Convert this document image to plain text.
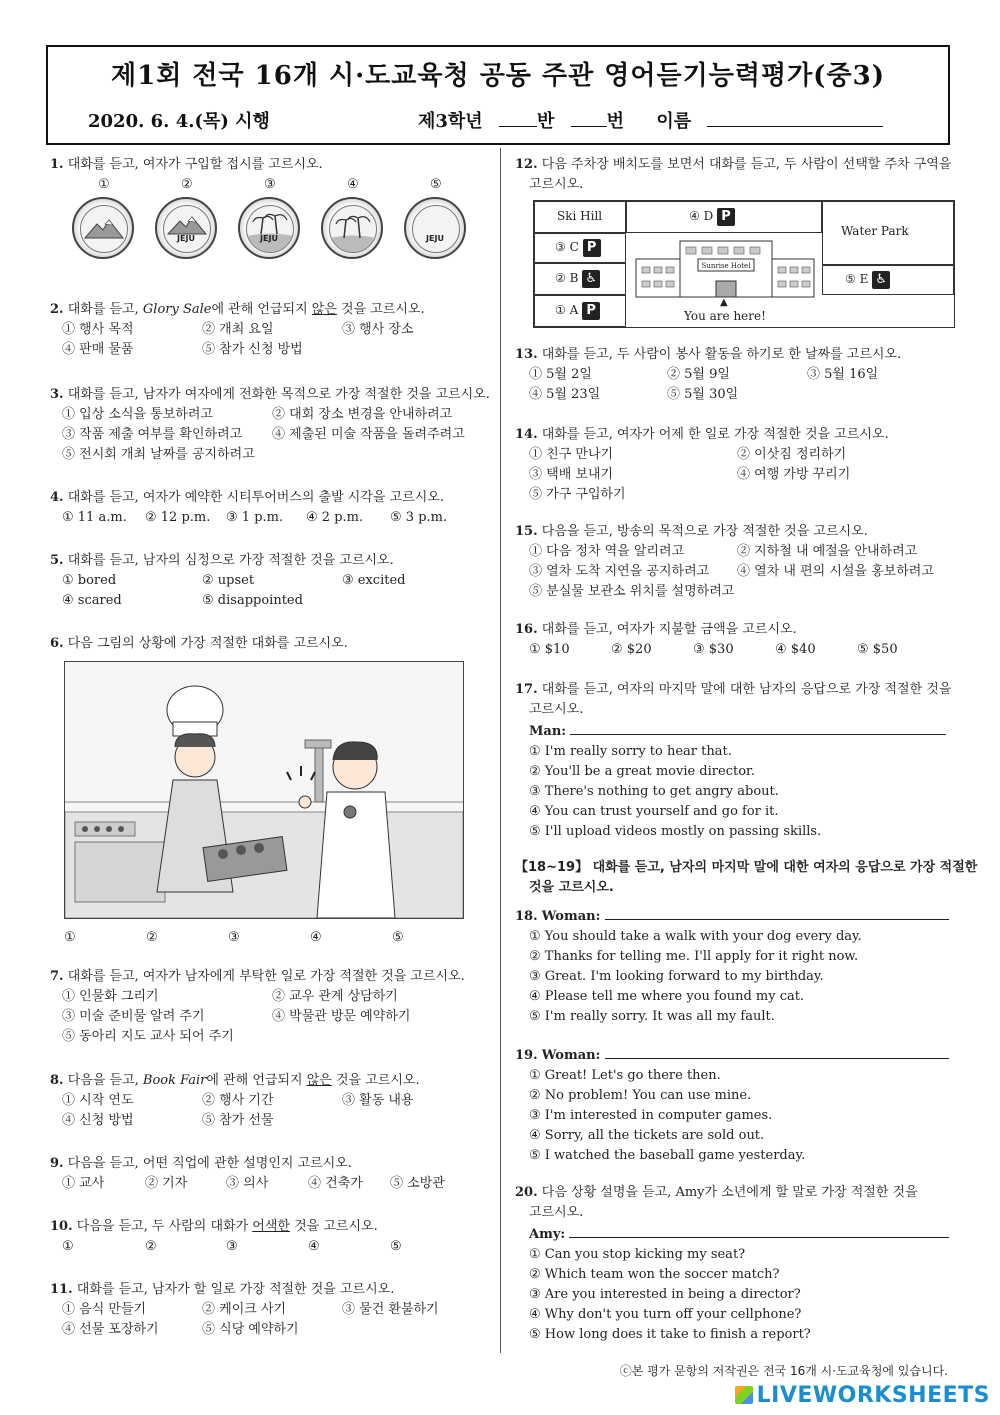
제1회 전국 16개 시·도교육청 공동 주관 영어듣기능력평가(중3)
2020. 6. 4.(목) 시행	제3학년	반	번 이름
1. 대화를 듣고, 여자가 구입할 접시를 고르시오.
①	②	③	④	⑤
JEJU	JEJU	JEJU
2. 대화를 듣고, Glory Sale에 관해 언급되지 않은 것을 고르시오.
① 행사 목적	② 개최 요일	③ 행사 장소
④ 판매 물품	⑤ 참가 신청 방법
3. 대화를 듣고, 남자가 여자에게 전화한 목적으로 가장 적절한 것을 고르시오.
① 입상 소식을 통보하려고	② 대회 장소 변경을 안내하려고
③ 작품 제출 여부를 확인하려고 ④ 제출된 미술 작품을 돌려주려고
⑤ 전시회 개최 날짜를 공지하려고
4. 대화를 듣고, 여자가 예약한 시티투어버스의 출발 시각을 고르시오.
① 11 a.m. ② 12 p.m. ③ 1 p.m. ④ 2 p.m. ⑤ 3 p.m.
5. 대화를 듣고, 남자의 심정으로 가장 적절한 것을 고르시오.
① bored	② upset	③ excited
④ scared	⑤ disappointed
6. 다음 그림의 상황에 가장 적절한 대화를 고르시오.
①	②	③	④	⑤
7. 대화를 듣고, 여자가 남자에게 부탁한 일로 가장 적절한 것을 고르시오.
① 인물화 그리기	② 교우 관계 상담하기
③ 미술 준비물 알려 주기	④ 박물관 방문 예약하기
⑤ 동아리 지도 교사 되어 주기
8. 다음을 듣고, Book Fair에 관해 언급되지 않은 것을 고르시오.
① 시작 연도	② 행사 기간	③ 활동 내용
④ 신청 방법	⑤ 참가 선물
9. 다음을 듣고, 어떤 직업에 관한 설명인지 고르시오.
① 교사	② 기자	③ 의사	④ 건축가 ⑤ 소방관
10. 다음을 듣고, 두 사람의 대화가 어색한 것을 고르시오.
①	②	③	④	⑤
11. 대화를 듣고, 남자가 할 일로 가장 적절한 것을 고르시오.
① 음식 만들기	② 케이크 사기	③ 물건 환불하기
④ 선물 포장하기	⑤ 식당 예약하기
12. 다음 주차장 배치도를 보면서 대화를 듣고, 두 사람이 선택할 주차 구역을
고르시오.
Ski Hill	④ D P
Water Park
③ C P
② B ♿
① A P
⑤ E ♿
Sunrise Hotel
▲
You are here!
13. 대화를 듣고, 두 사람이 봉사 활동을 하기로 한 날짜를 고르시오.
① 5월 2일	② 5월 9일	③ 5월 16일
④ 5월 23일	⑤ 5월 30일
14. 대화를 듣고, 여자가 어제 한 일로 가장 적절한 것을 고르시오.
① 친구 만나기	② 이삿짐 정리하기
③ 택배 보내기	④ 여행 가방 꾸리기
⑤ 가구 구입하기
15. 다음을 듣고, 방송의 목적으로 가장 적절한 것을 고르시오.
① 다음 정차 역을 알리려고	② 지하철 내 예절을 안내하려고
③ 열차 도착 지연을 공지하려고 ④ 열차 내 편의 시설을 홍보하려고
⑤ 분실물 보관소 위치를 설명하려고
16. 대화를 듣고, 여자가 지불할 금액을 고르시오.
① $10	② $20	③ $30	④ $40	⑤ $50
17. 대화를 듣고, 여자의 마지막 말에 대한 남자의 응답으로 가장 적절한 것을
고르시오.
Man:
① I'm really sorry to hear that.
② You'll be a great movie director.
③ There's nothing to get angry about.
④ You can trust yourself and go for it.
⑤ I'll upload videos mostly on passing skills.
【18~19】 대화를 듣고, 남자의 마지막 말에 대한 여자의 응답으로 가장 적절한
것을 고르시오.
18. Woman:
① You should take a walk with your dog every day.
② Thanks for telling me. I'll apply for it right now.
③ Great. I'm looking forward to my birthday.
④ Please tell me where you found my cat.
⑤ I'm really sorry. It was all my fault.
19. Woman:
① Great! Let's go there then.
② No problem! You can use mine.
③ I'm interested in computer games.
④ Sorry, all the tickets are sold out.
⑤ I watched the baseball game yesterday.
20. 다음 상황 설명을 듣고, Amy가 소년에게 할 말로 가장 적절한 것을
고르시오.
Amy:
① Can you stop kicking my seat?
② Which team won the soccer match?
③ Are you interested in being a director?
④ Why don't you turn off your cellphone?
⑤ How long does it take to finish a report?
ⓒ본 평가 문항의 저작권은 전국 16개 시·도교육청에 있습니다.
LIVEWORKSHEETS
